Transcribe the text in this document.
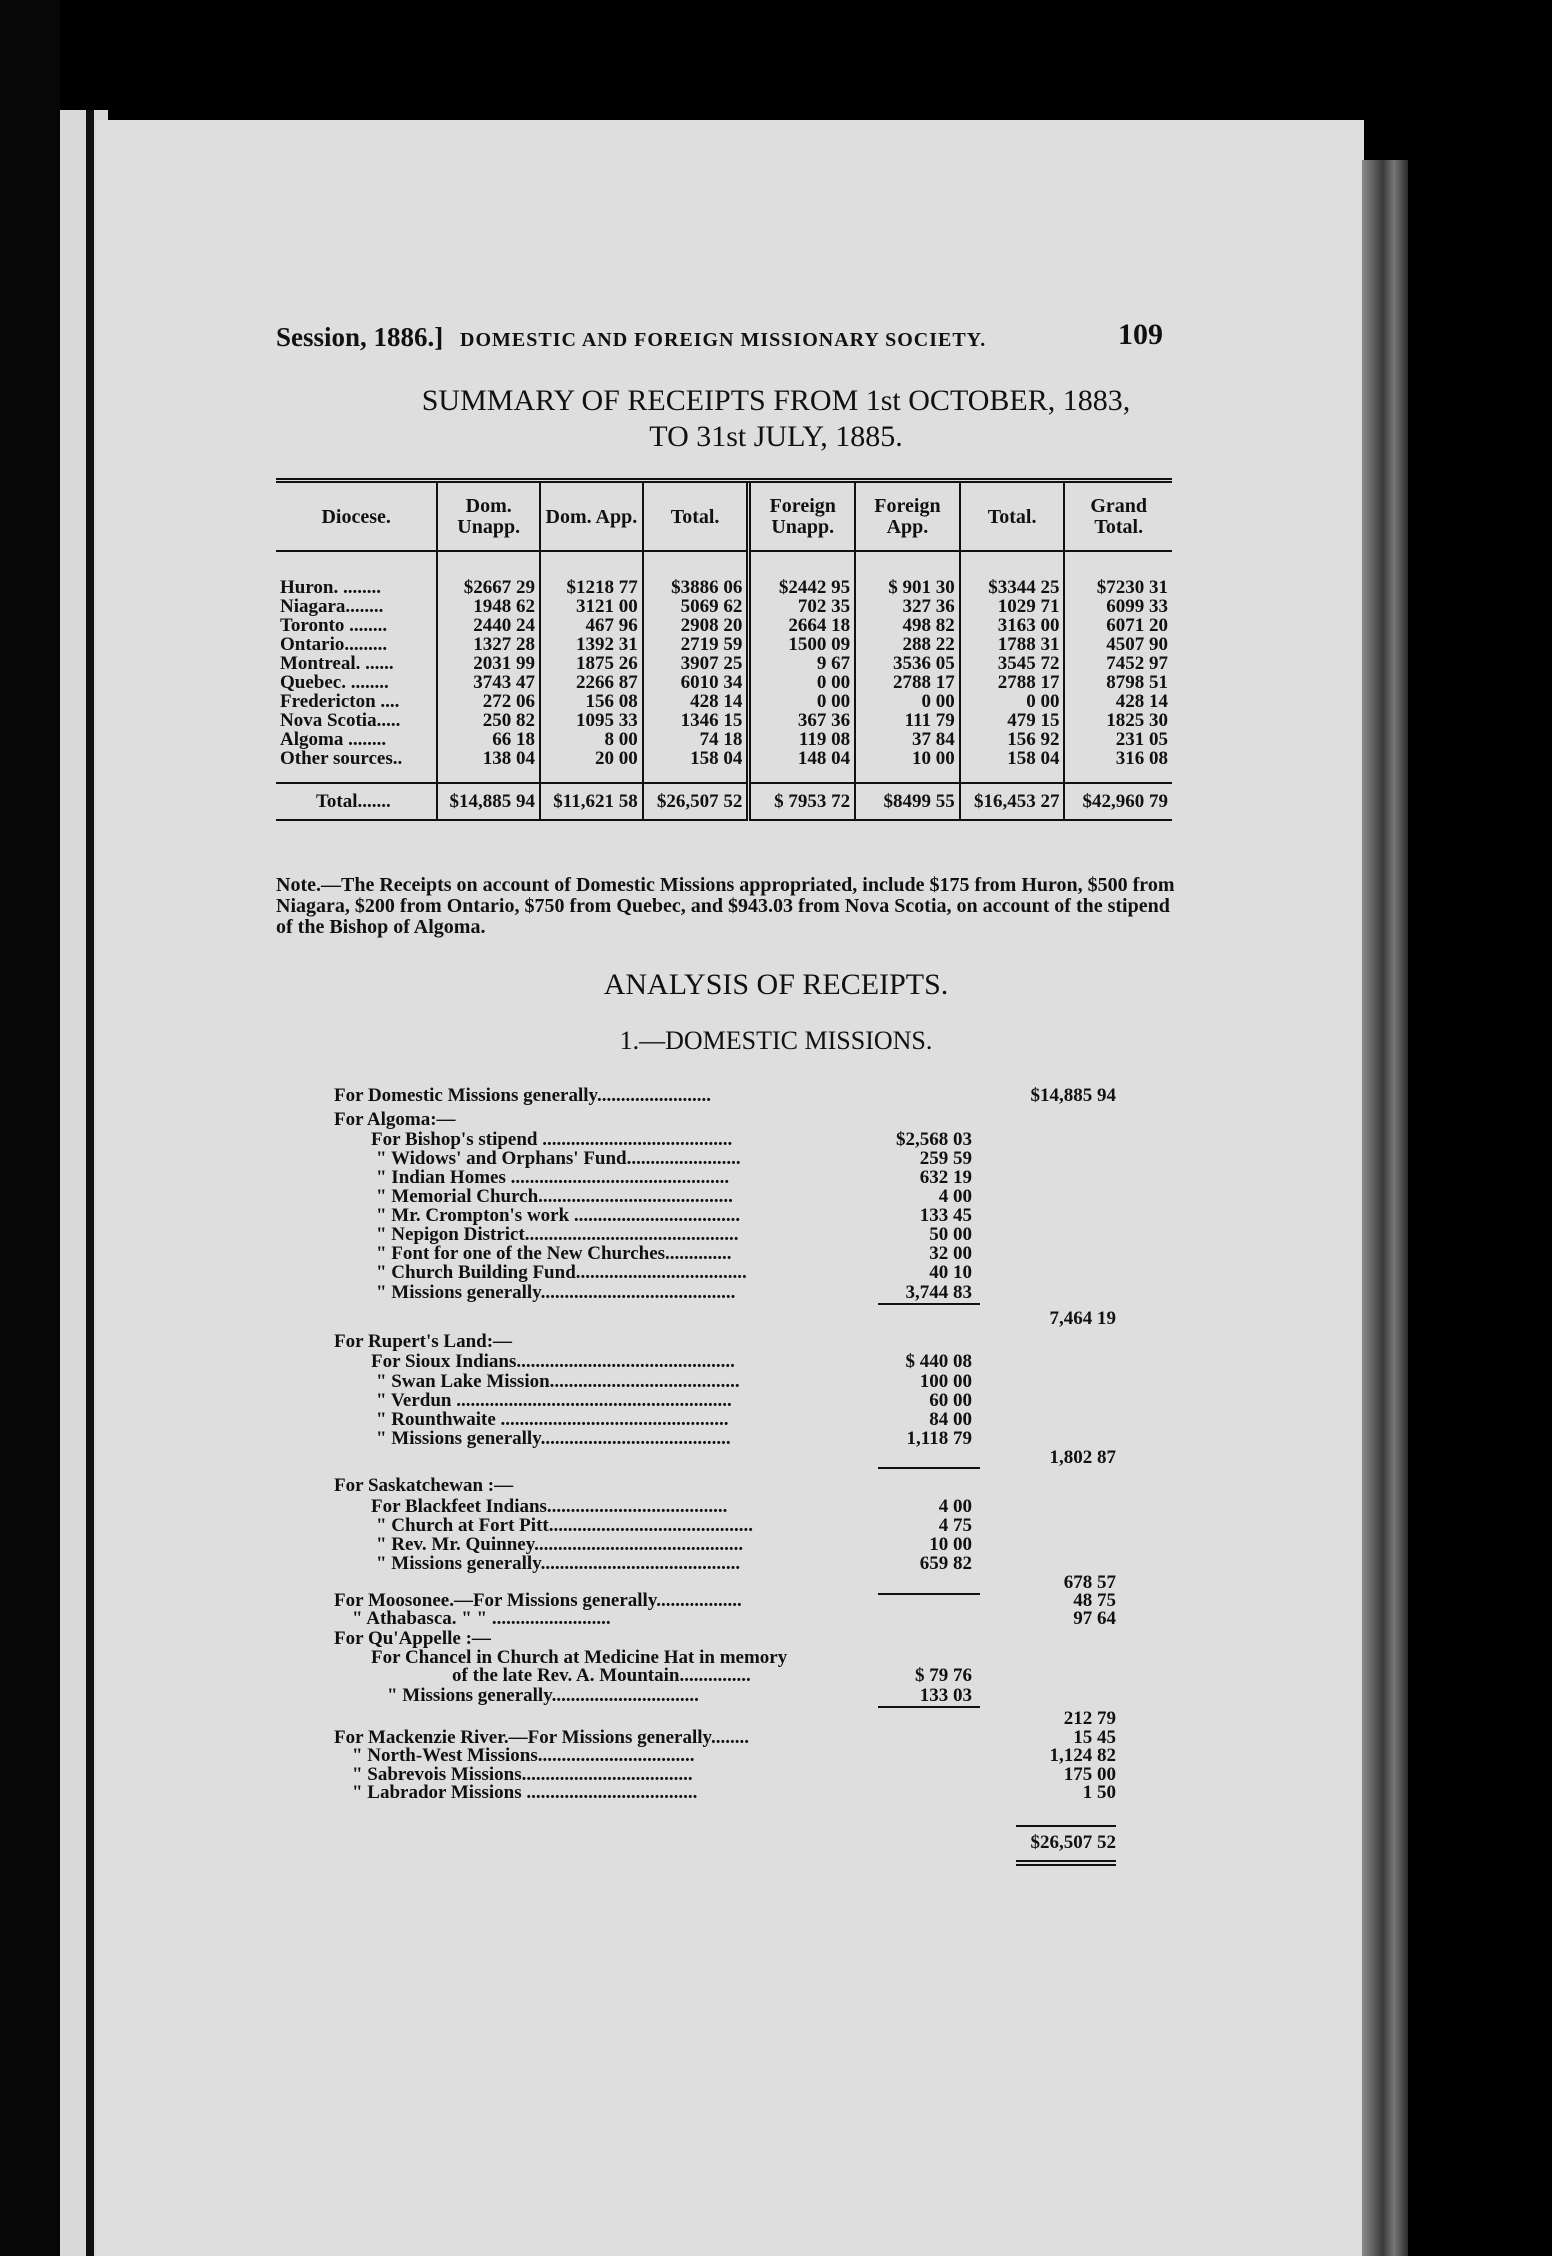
Session, 1886.] DOMESTIC AND FOREIGN MISSIONARY SOCIETY.	109
SUMMARY OF RECEIPTS FROM 1st OCTOBER, 1883,
TO 31st JULY, 1885.
Diocese.	Dom. Unapp.	Dom. App.	Total.	Foreign Unapp.	Foreign App.	Total.	Grand Total.
Huron. ........	$2667 29	$1218 77	$3886 06	$2442 95	$ 901 30	$3344 25	$7230 31
Niagara........	1948 62	3121 00	5069 62	702 35	327 36	1029 71	6099 33
Toronto ........	2440 24	467 96	2908 20	2664 18	498 82	3163 00	6071 20
Ontario.........	1327 28	1392 31	2719 59	1500 09	288 22	1788 31	4507 90
Montreal. ......	2031 99	1875 26	3907 25	9 67	3536 05	3545 72	7452 97
Quebec. ........	3743 47	2266 87	6010 34	0 00	2788 17	2788 17	8798 51
Fredericton ....	272 06	156 08	428 14	0 00	0 00	0 00	428 14
Nova Scotia.....	250 82	1095 33	1346 15	367 36	111 79	479 15	1825 30
Algoma ........	66 18	8 00	74 18	119 08	37 84	156 92	231 05
Other sources..	138 04	20 00	158 04	148 04	10 00	158 04	316 08
Total.......	$14,885 94	$11,621 58	$26,507 52	$ 7953 72	$8499 55	$16,453 27	$42,960 79
Note.—The Receipts on account of Domestic Missions appropriated, include $175 from Huron, $500 from Niagara, $200 from Ontario, $750 from Quebec, and $943.03 from Nova Scotia, on account of the stipend of the Bishop of Algoma.
ANALYSIS OF RECEIPTS.
1.—DOMESTIC MISSIONS.
For Domestic Missions generally........................	$14,885 94
For Algoma:—
For Bishop's stipend ........................................	$2,568 03
" Widows' and Orphans' Fund........................	259 59
" Indian Homes ..............................................	632 19
" Memorial Church.........................................	4 00
" Mr. Crompton's work ...................................	133 45
" Nepigon District.............................................	50 00
" Font for one of the New Churches..............	32 00
" Church Building Fund....................................	40 10
" Missions generally.........................................	3,744 83
7,464 19
For Rupert's Land:—
For Sioux Indians..............................................	$ 440 08
" Swan Lake Mission........................................	100 00
" Verdun ..........................................................	60 00
" Rounthwaite ................................................	84 00
" Missions generally........................................	1,118 79
1,802 87
For Saskatchewan :—
For Blackfeet Indians......................................	4 00
" Church at Fort Pitt...........................................	4 75
" Rev. Mr. Quinney............................................	10 00
" Missions generally..........................................	659 82
678 57
For Moosonee.—For Missions generally..................	48 75
" Athabasca. " " .........................	97 64
For Qu'Appelle :—
For Chancel in Church at Medicine Hat in memory
of the late Rev. A. Mountain...............	$ 79 76
" Missions generally...............................	133 03
212 79
For Mackenzie River.—For Missions generally........	15 45
" North-West Missions.................................	1,124 82
" Sabrevois Missions....................................	175 00
" Labrador Missions ....................................	1 50
$26,507 52
